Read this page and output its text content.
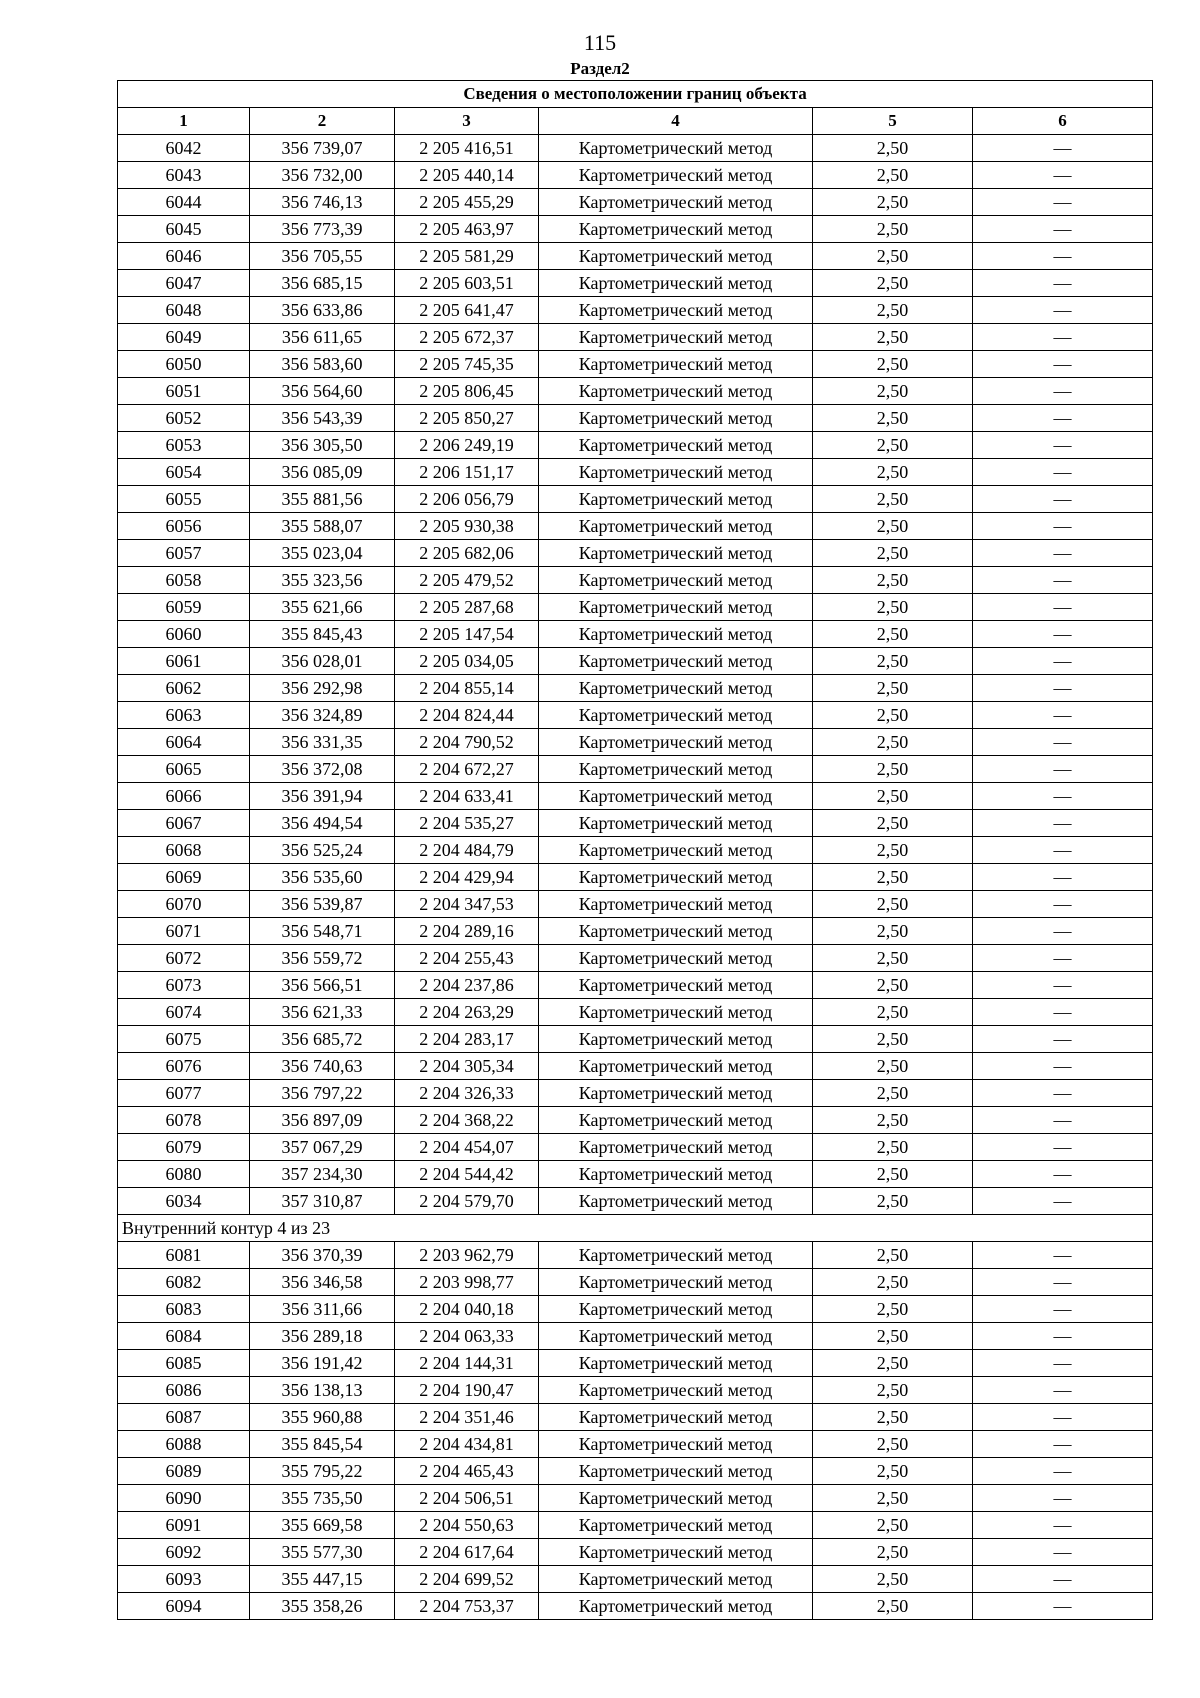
115
Раздел2
Сведения о местоположении границ объекта					
1	2	3	4	5	6
6042	356 739,07	2 205 416,51	Картометрический метод	2,50	—
6043	356 732,00	2 205 440,14	Картометрический метод	2,50	—
6044	356 746,13	2 205 455,29	Картометрический метод	2,50	—
6045	356 773,39	2 205 463,97	Картометрический метод	2,50	—
6046	356 705,55	2 205 581,29	Картометрический метод	2,50	—
6047	356 685,15	2 205 603,51	Картометрический метод	2,50	—
6048	356 633,86	2 205 641,47	Картометрический метод	2,50	—
6049	356 611,65	2 205 672,37	Картометрический метод	2,50	—
6050	356 583,60	2 205 745,35	Картометрический метод	2,50	—
6051	356 564,60	2 205 806,45	Картометрический метод	2,50	—
6052	356 543,39	2 205 850,27	Картометрический метод	2,50	—
6053	356 305,50	2 206 249,19	Картометрический метод	2,50	—
6054	356 085,09	2 206 151,17	Картометрический метод	2,50	—
6055	355 881,56	2 206 056,79	Картометрический метод	2,50	—
6056	355 588,07	2 205 930,38	Картометрический метод	2,50	—
6057	355 023,04	2 205 682,06	Картометрический метод	2,50	—
6058	355 323,56	2 205 479,52	Картометрический метод	2,50	—
6059	355 621,66	2 205 287,68	Картометрический метод	2,50	—
6060	355 845,43	2 205 147,54	Картометрический метод	2,50	—
6061	356 028,01	2 205 034,05	Картометрический метод	2,50	—
6062	356 292,98	2 204 855,14	Картометрический метод	2,50	—
6063	356 324,89	2 204 824,44	Картометрический метод	2,50	—
6064	356 331,35	2 204 790,52	Картометрический метод	2,50	—
6065	356 372,08	2 204 672,27	Картометрический метод	2,50	—
6066	356 391,94	2 204 633,41	Картометрический метод	2,50	—
6067	356 494,54	2 204 535,27	Картометрический метод	2,50	—
6068	356 525,24	2 204 484,79	Картометрический метод	2,50	—
6069	356 535,60	2 204 429,94	Картометрический метод	2,50	—
6070	356 539,87	2 204 347,53	Картометрический метод	2,50	—
6071	356 548,71	2 204 289,16	Картометрический метод	2,50	—
6072	356 559,72	2 204 255,43	Картометрический метод	2,50	—
6073	356 566,51	2 204 237,86	Картометрический метод	2,50	—
6074	356 621,33	2 204 263,29	Картометрический метод	2,50	—
6075	356 685,72	2 204 283,17	Картометрический метод	2,50	—
6076	356 740,63	2 204 305,34	Картометрический метод	2,50	—
6077	356 797,22	2 204 326,33	Картометрический метод	2,50	—
6078	356 897,09	2 204 368,22	Картометрический метод	2,50	—
6079	357 067,29	2 204 454,07	Картометрический метод	2,50	—
6080	357 234,30	2 204 544,42	Картометрический метод	2,50	—
6034	357 310,87	2 204 579,70	Картометрический метод	2,50	—
Внутренний контур 4 из 23					
6081	356 370,39	2 203 962,79	Картометрический метод	2,50	—
6082	356 346,58	2 203 998,77	Картометрический метод	2,50	—
6083	356 311,66	2 204 040,18	Картометрический метод	2,50	—
6084	356 289,18	2 204 063,33	Картометрический метод	2,50	—
6085	356 191,42	2 204 144,31	Картометрический метод	2,50	—
6086	356 138,13	2 204 190,47	Картометрический метод	2,50	—
6087	355 960,88	2 204 351,46	Картометрический метод	2,50	—
6088	355 845,54	2 204 434,81	Картометрический метод	2,50	—
6089	355 795,22	2 204 465,43	Картометрический метод	2,50	—
6090	355 735,50	2 204 506,51	Картометрический метод	2,50	—
6091	355 669,58	2 204 550,63	Картометрический метод	2,50	—
6092	355 577,30	2 204 617,64	Картометрический метод	2,50	—
6093	355 447,15	2 204 699,52	Картометрический метод	2,50	—
6094	355 358,26	2 204 753,37	Картометрический метод	2,50	—
